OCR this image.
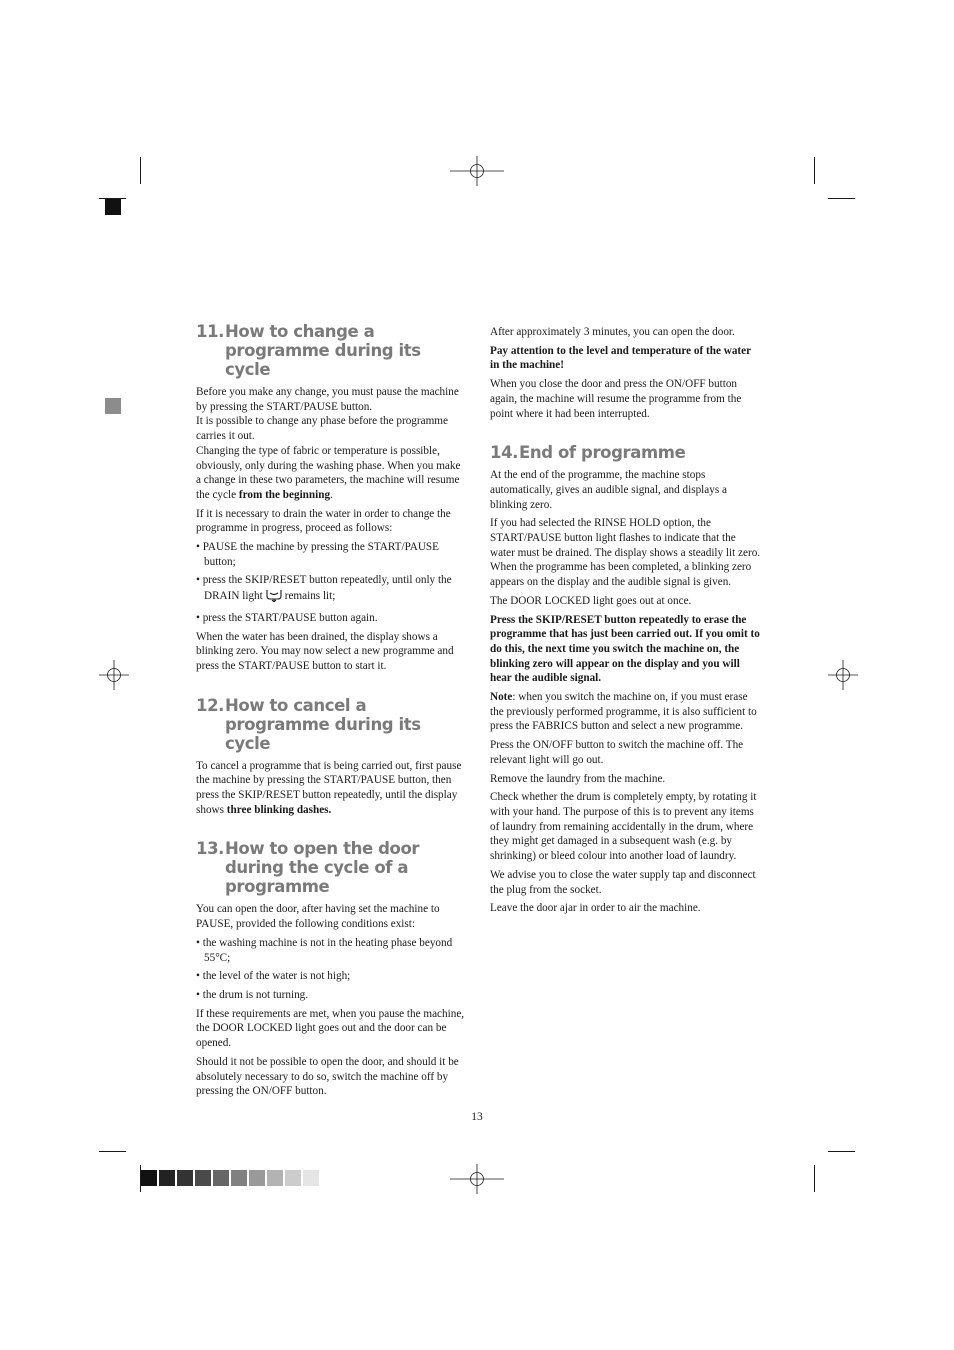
11. How to change a programme during its cycle

Before you make any change, you must pause the machine by pressing the START/PAUSE button.

It is possible to change any phase before the programme carries it out.

Changing the type of fabric or temperature is possible, obviously, only during the washing phase. When you make a change in these two parameters, the machine will resume the cycle from the beginning.

If it is necessary to drain the water in order to change the programme in progress, proceed as follows:

• PAUSE the machine by pressing the START/PAUSE button;

• press the SKIP/RESET button repeatedly, until only the DRAIN light remains lit;

• press the START/PAUSE button again.

When the water has been drained, the display shows a blinking zero. You may now select a new programme and press the START/PAUSE button to start it.

12. How to cancel a programme during its cycle

To cancel a programme that is being carried out, first pause the machine by pressing the START/PAUSE button, then press the SKIP/RESET button repeatedly, until the display shows three blinking dashes.

13. How to open the door during the cycle of a programme

You can open the door, after having set the machine to PAUSE, provided the following conditions exist:

• the washing machine is not in the heating phase beyond 55°C;

• the level of the water is not high;

• the drum is not turning.

If these requirements are met, when you pause the machine, the DOOR LOCKED light goes out and the door can be opened.

Should it not be possible to open the door, and should it be absolutely necessary to do so, switch the machine off by pressing the ON/OFF button.

After approximately 3 minutes, you can open the door.

Pay attention to the level and temperature of the water in the machine!

When you close the door and press the ON/OFF button again, the machine will resume the programme from the point where it had been interrupted.

14. End of programme

At the end of the programme, the machine stops automatically, gives an audible signal, and displays a blinking zero.

If you had selected the RINSE HOLD option, the START/PAUSE button light flashes to indicate that the water must be drained. The display shows a steadily lit zero.

When the programme has been completed, a blinking zero appears on the display and the audible signal is given.

The DOOR LOCKED light goes out at once.

Press the SKIP/RESET button repeatedly to erase the programme that has just been carried out. If you omit to do this, the next time you switch the machine on, the blinking zero will appear on the display and you will hear the audible signal.

Note: when you switch the machine on, if you must erase the previously performed programme, it is also sufficient to press the FABRICS button and select a new programme.

Press the ON/OFF button to switch the machine off. The relevant light will go out.

Remove the laundry from the machine.

Check whether the drum is completely empty, by rotating it with your hand. The purpose of this is to prevent any items of laundry from remaining accidentally in the drum, where they might get damaged in a subsequent wash (e.g. by shrinking) or bleed colour into another load of laundry.

We advise you to close the water supply tap and disconnect the plug from the socket.

Leave the door ajar in order to air the machine.

13
